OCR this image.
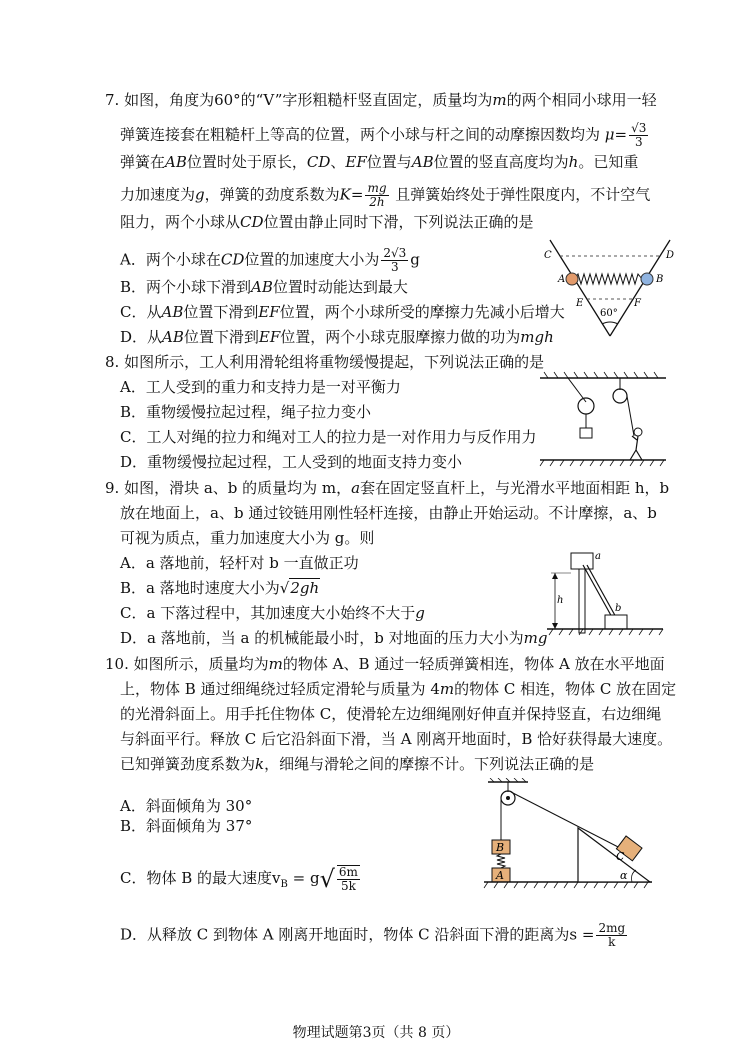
7. 如图，角度为60°的“V”字形粗糙杆竖直固定，质量均为m的两个相同小球用一轻
弹簧连接套在粗糙杆上等高的位置，两个小球与杆之间的动摩擦因数均为 $\mu= \frac{√3}{3}$
弹簧在AB位置时处于原长，CD、EF位置与AB位置的竖直高度均为h。已知重
力加速度为g，弹簧的劲度系数为$K= \frac{mg}{2h}$ 且弹簧始终处于弹性限度内，不计空气
阻力，两个小球从CD位置由静止同时下滑，下列说法正确的是
A．两个小球在CD位置的加速度大小为 $\frac{2√3}{3}$ g
B．两个小球下滑到AB位置时动能达到最大
C．从AB位置下滑到EF位置，两个小球所受的摩擦力先减小后增大
D．从AB位置下滑到EF位置，两个小球克服摩擦力做的功为mgh
C	D
A	B
E	F
60°
8. 如图所示，工人利用滑轮组将重物缓慢提起，下列说法正确的是
A．工人受到的重力和支持力是一对平衡力
B．重物缓慢拉起过程，绳子拉力变小
C．工人对绳的拉力和绳对工人的拉力是一对作用力与反作用力
D．重物缓慢拉起过程，工人受到的地面支持力变小
9. 如图，滑块 a、b 的质量均为 m，a套在固定竖直杆上，与光滑水平地面相距 h，b
放在地面上，a、b 通过铰链用刚性轻杆连接，由静止开始运动。不计摩擦，a、b
可视为质点，重力加速度大小为 g。则
A．a 落地前，轻杆对 b 一直做正功
B．a 落地时速度大小为√2gh
C．a 下落过程中，其加速度大小始终不大于g
D．a 落地前，当 a 的机械能最小时，b 对地面的压力大小为mg
a
b
h
10. 如图所示，质量均为m的物体 A、B 通过一轻质弹簧相连，物体 A 放在水平地面
上，物体 B 通过细绳绕过轻质定滑轮与质量为 4m的物体 C 相连，物体 C 放在固定
的光滑斜面上。用手托住物体 C，使滑轮左边细绳刚好伸直并保持竖直，右边细绳
与斜面平行。释放 C 后它沿斜面下滑，当 A 刚离开地面时，B 恰好获得最大速度。
已知弹簧劲度系数为k，细绳与滑轮之间的摩擦不计。下列说法正确的是
A．斜面倾角为 30°
B．斜面倾角为 37°
C．物体 B 的最大速度$v_B = g√ \frac{6m}{5k}$
D．从释放 C 到物体 A 刚离开地面时，物体 C 沿斜面下滑的距离为$s = \frac{2mg}{k}$
B
A
C
α
物理试题第3页（共 8 页）
